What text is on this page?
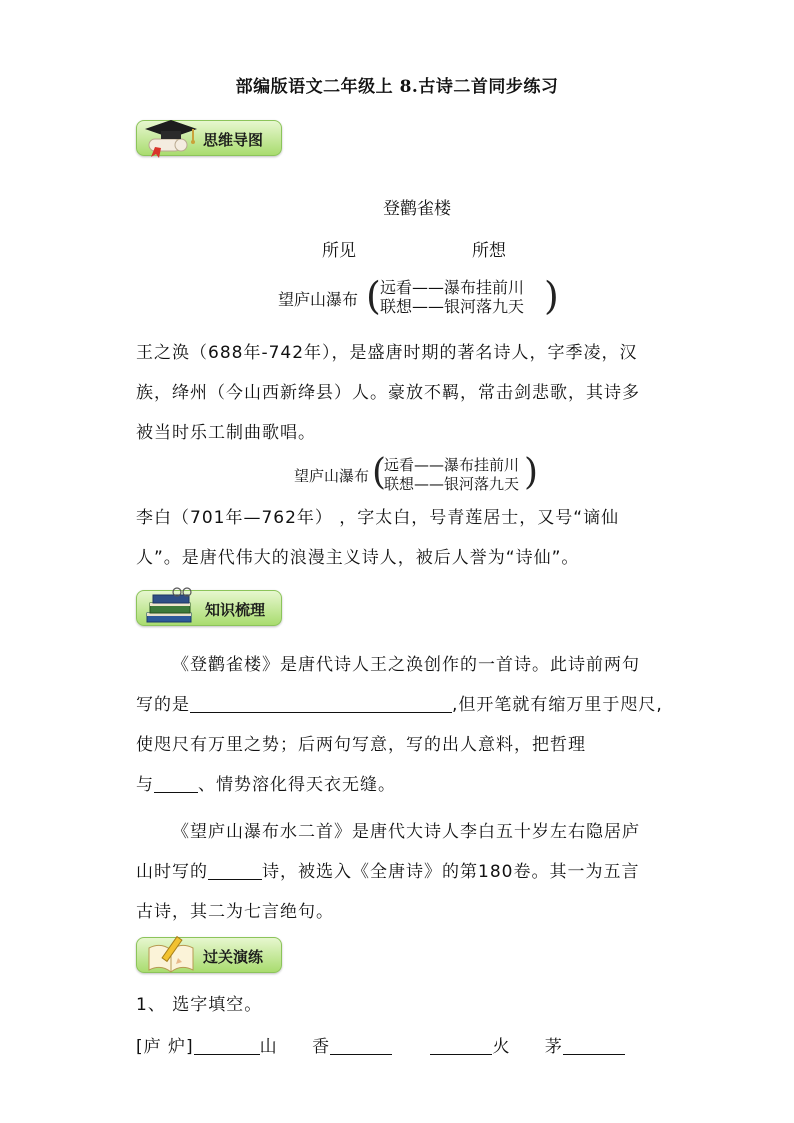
部编版语文二年级上 8.古诗二首同步练习
思维导图
登鹳雀楼
所见	所想
望庐山瀑布 ( 远看——瀑布挂前川
联想——银河落九天 )
王之涣（688年-742年），是盛唐时期的著名诗人，字季凌，汉
族，绛州（今山西新绛县）人。豪放不羁，常击剑悲歌，其诗多
被当时乐工制曲歌唱。
望庐山瀑布 (
远看——瀑布挂前川
联想——银河落九天 )
李白（701年—762年） ，字太白，号青莲居士，又号“谪仙
人”。是唐代伟大的浪漫主义诗人，被后人誉为“诗仙”。
知识梳理
《登鹳雀楼》是唐代诗人王之涣创作的一首诗。此诗前两句
写的是	,但开笔就有缩万里于咫尺,
使咫尺有万里之势；后两句写意，写的出人意料，把哲理
与	、情势溶化得天衣无缝。
《望庐山瀑布水二首》是唐代大诗人李白五十岁左右隐居庐
山时写的	诗，被选入《全唐诗》的第180卷。其一为五言
古诗，其二为七言绝句。
过关演练
1、 选字填空。
[庐 炉]	山 香	火 茅
